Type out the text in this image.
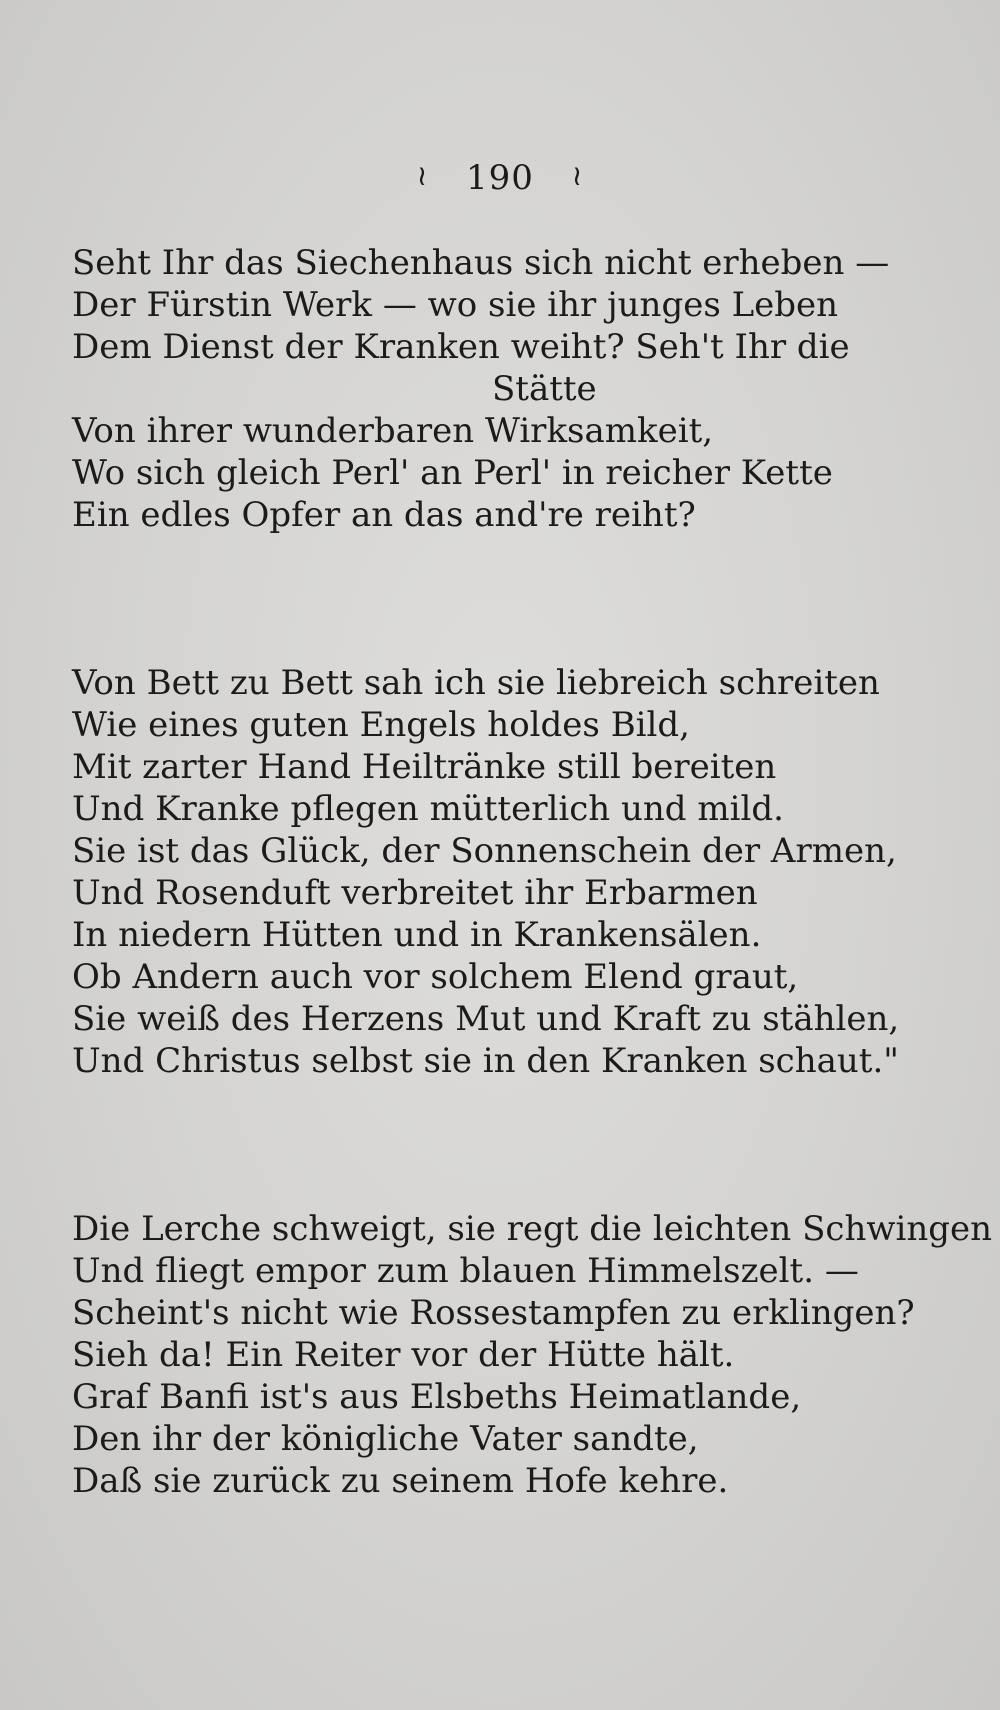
≀ 190 ≀
Seht Ihr das Siechenhaus sich nicht erheben —
Der Fürstin Werk — wo sie ihr junges Leben
Dem Dienst der Kranken weiht? Seh't Ihr die
Stätte
Von ihrer wunderbaren Wirksamkeit,
Wo sich gleich Perl' an Perl' in reicher Kette
Ein edles Opfer an das and're reiht?
Von Bett zu Bett sah ich sie liebreich schreiten
Wie eines guten Engels holdes Bild,
Mit zarter Hand Heiltränke still bereiten
Und Kranke pflegen mütterlich und mild.
Sie ist das Glück, der Sonnenschein der Armen,
Und Rosenduft verbreitet ihr Erbarmen
In niedern Hütten und in Krankensälen.
Ob Andern auch vor solchem Elend graut,
Sie weiß des Herzens Mut und Kraft zu stählen,
Und Christus selbst sie in den Kranken schaut."
Die Lerche schweigt, sie regt die leichten Schwingen
Und fliegt empor zum blauen Himmelszelt. —
Scheint's nicht wie Rossestampfen zu erklingen?
Sieh da! Ein Reiter vor der Hütte hält.
Graf Banfi ist's aus Elsbeths Heimatlande,
Den ihr der königliche Vater sandte,
Daß sie zurück zu seinem Hofe kehre.
